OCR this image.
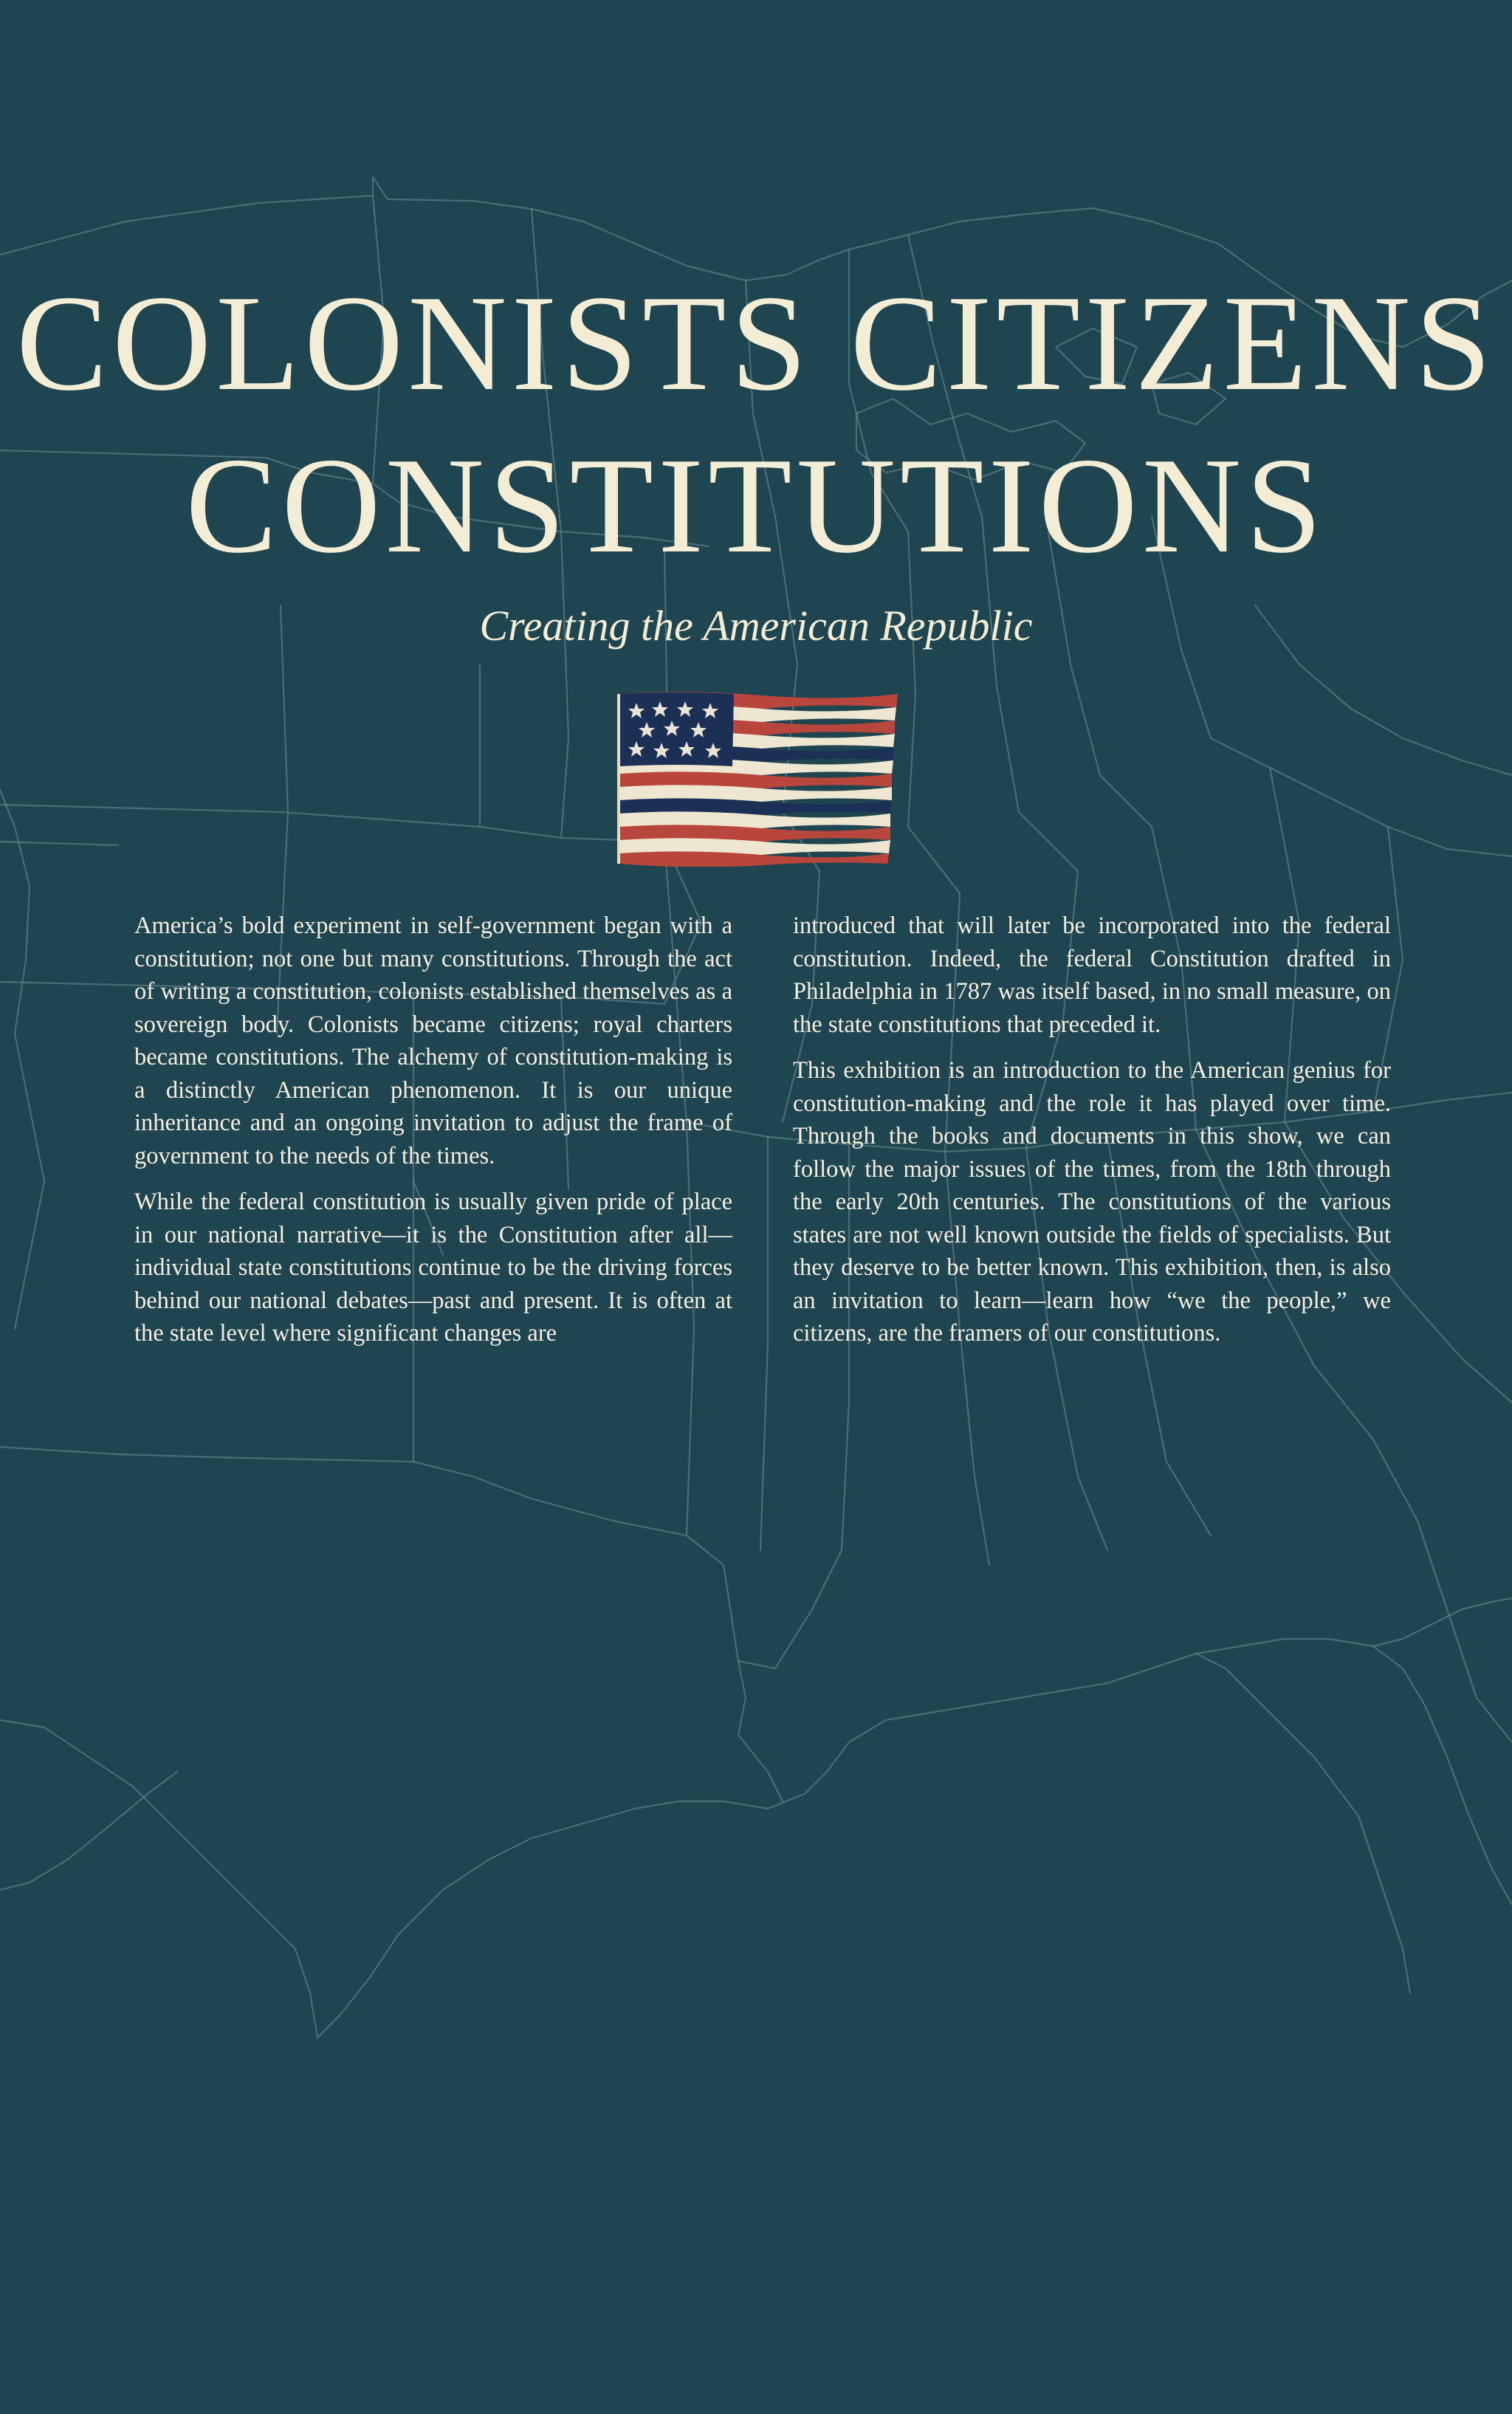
COLONISTS CITIZENS
CONSTITUTIONS
Creating the American Republic

America’s bold experiment in self-government began with a constitution; not one but many constitutions. Through the act of writing a constitution, colonists established themselves as a sovereign body. Colonists became citizens; royal charters became constitutions. The alchemy of constitution-making is a distinctly American phenomenon. It is our unique inheritance and an ongoing invitation to adjust the frame of government to the needs of the times.

While the federal constitution is usually given pride of place in our national narrative—it is the Constitution after all—individual state constitutions continue to be the driving forces behind our national debates—past and present. It is often at the state level where significant changes are

introduced that will later be incorporated into the federal constitution. Indeed, the federal Constitution drafted in Philadelphia in 1787 was itself based, in no small measure, on the state constitutions that preceded it.

This exhibition is an introduction to the American genius for constitution-making and the role it has played over time. Through the books and documents in this show, we can follow the major issues of the times, from the 18th through the early 20th centuries. The constitutions of the various states are not well known outside the fields of specialists. But they deserve to be better known. This exhibition, then, is also an invitation to learn—learn how “we the people,” we citizens, are the framers of our constitutions.
